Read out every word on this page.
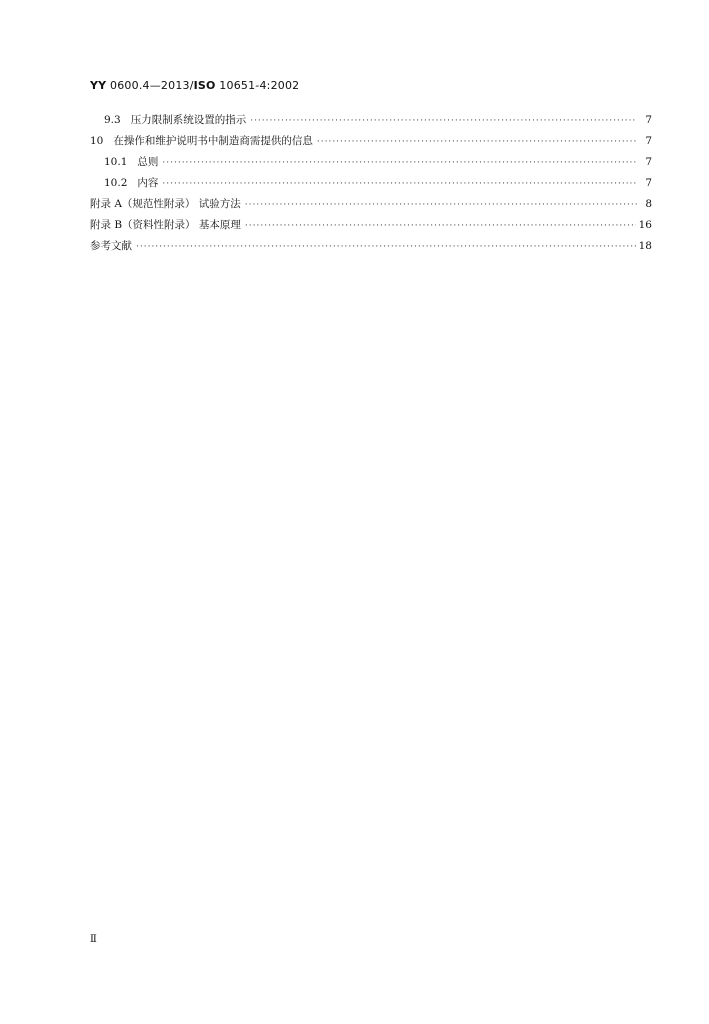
YY 0600.4—2013/ISO 10651-4:2002
9.3 压力限制系统设置的指示 ·····	7
10 在操作和维护说明书中制造商需提供的信息 ·····	7
10.1 总则 ·····	7
10.2 内容 ·····	7
附录 A（规范性附录） 试验方法 ·····	8
附录 B（资料性附录） 基本原理 ·····	16
参考文献 ·····	18
Ⅱ
